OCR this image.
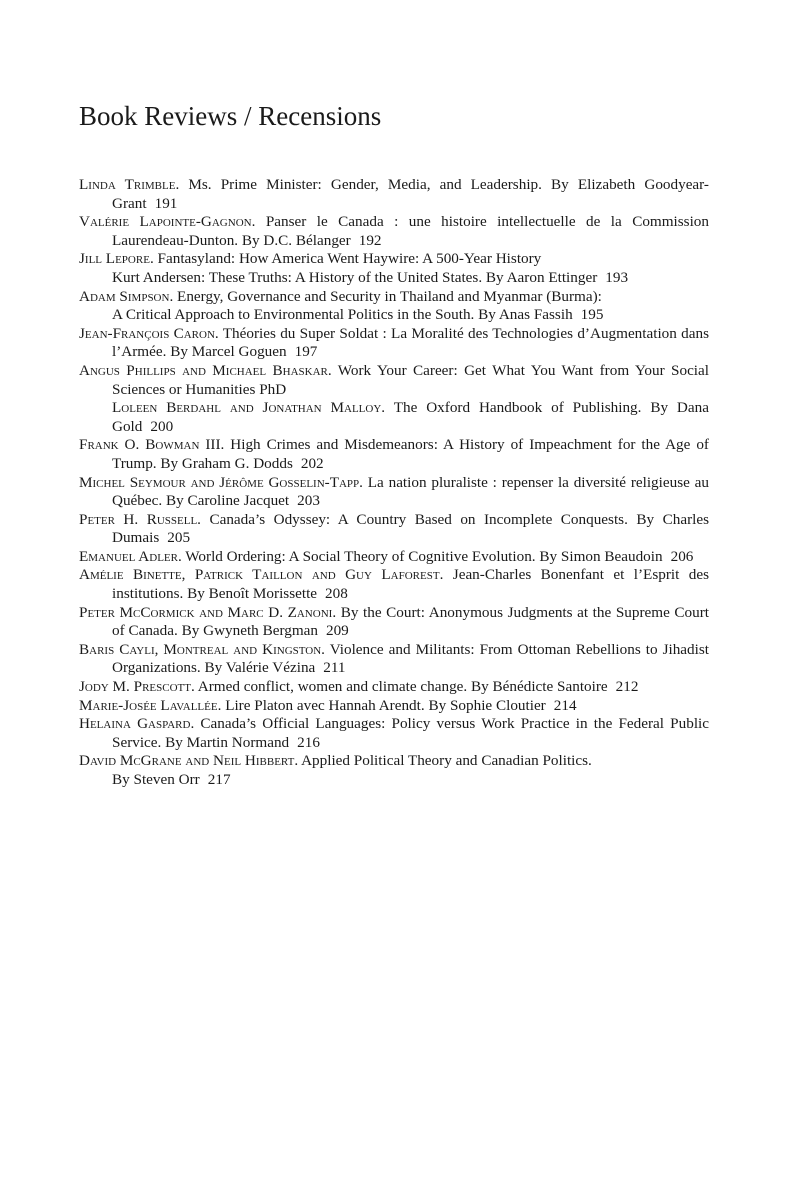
Book Reviews / Recensions
Linda Trimble. Ms. Prime Minister: Gender, Media, and Leadership. By Elizabeth Goodyear-Grant 191
Valérie Lapointe-Gagnon. Panser le Canada : une histoire intellectuelle de la Commission Laurendeau-Dunton. By D.C. Bélanger 192
Jill Lepore. Fantasyland: How America Went Haywire: A 500-Year History
Kurt Andersen: These Truths: A History of the United States. By Aaron Ettinger 193
Adam Simpson. Energy, Governance and Security in Thailand and Myanmar (Burma):
A Critical Approach to Environmental Politics in the South. By Anas Fassih 195
Jean-François Caron. Théories du Super Soldat : La Moralité des Technologies d’Augmentation dans l’Armée. By Marcel Goguen 197
Angus Phillips and Michael Bhaskar. Work Your Career: Get What You Want from Your Social Sciences or Humanities PhD
Loleen Berdahl and Jonathan Malloy. The Oxford Handbook of Publishing. By Dana Gold 200
Frank O. Bowman III. High Crimes and Misdemeanors: A History of Impeachment for the Age of Trump. By Graham G. Dodds 202
Michel Seymour and Jérôme Gosselin-Tapp. La nation pluraliste : repenser la diversité religieuse au Québec. By Caroline Jacquet 203
Peter H. Russell. Canada’s Odyssey: A Country Based on Incomplete Conquests. By Charles Dumais 205
Emanuel Adler. World Ordering: A Social Theory of Cognitive Evolution. By Simon Beaudoin 206
Amélie Binette, Patrick Taillon and Guy Laforest. Jean-Charles Bonenfant et l’Esprit des institutions. By Benoît Morissette 208
Peter McCormick and Marc D. Zanoni. By the Court: Anonymous Judgments at the Supreme Court of Canada. By Gwyneth Bergman 209
Baris Cayli, Montreal and Kingston. Violence and Militants: From Ottoman Rebellions to Jihadist Organizations. By Valérie Vézina 211
Jody M. Prescott. Armed conflict, women and climate change. By Bénédicte Santoire 212
Marie-Josée Lavallée. Lire Platon avec Hannah Arendt. By Sophie Cloutier 214
Helaina Gaspard. Canada’s Official Languages: Policy versus Work Practice in the Federal Public Service. By Martin Normand 216
David McGrane and Neil Hibbert. Applied Political Theory and Canadian Politics.
By Steven Orr 217
